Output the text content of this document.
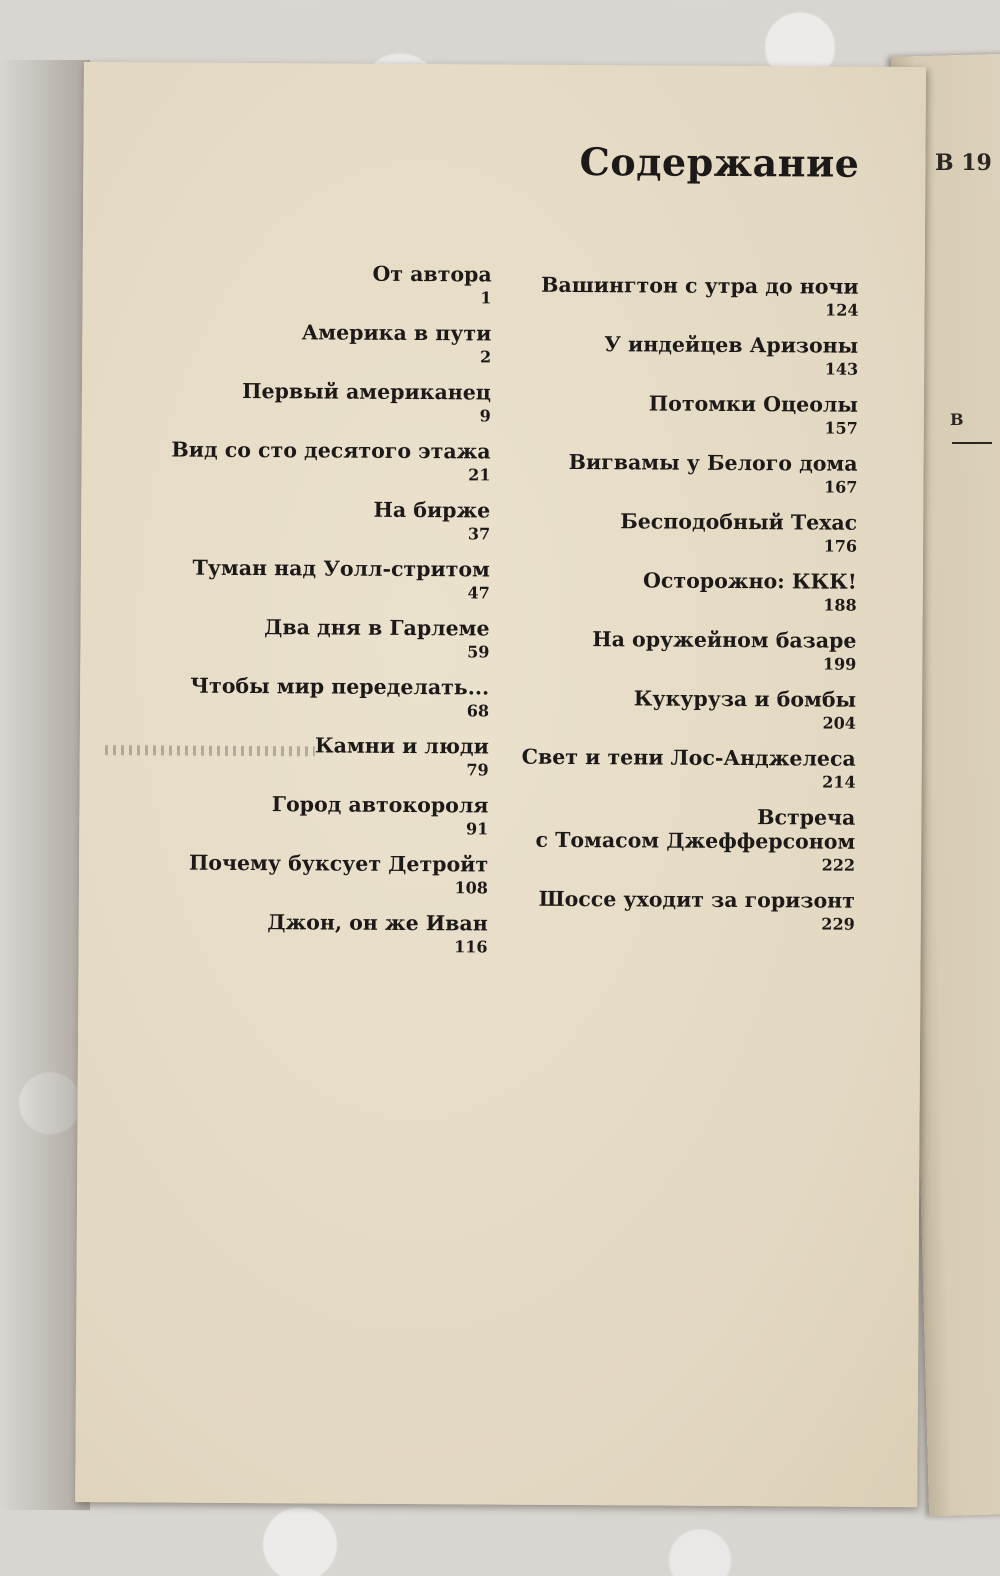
В 19
В
Содержание
От автора
1
Америка в пути
2
Первый американец
9
Вид со сто десятого этажа
21
На бирже
37
Туман над Уолл-стритом
47
Два дня в Гарлеме
59
Чтобы мир переделать...
68
Камни и люди
79
Город автокороля
91
Почему буксует Детройт
108
Джон, он же Иван
116
Вашингтон с утра до ночи
124
У индейцев Аризоны
143
Потомки Оцеолы
157
Вигвамы у Белого дома
167
Бесподобный Техас
176
Осторожно: ККК!
188
На оружейном базаре
199
Кукуруза и бомбы
204
Свет и тени Лос-Анджелеса
214
Встреча
с Томасом Джефферсоном
222
Шоссе уходит за горизонт
229
